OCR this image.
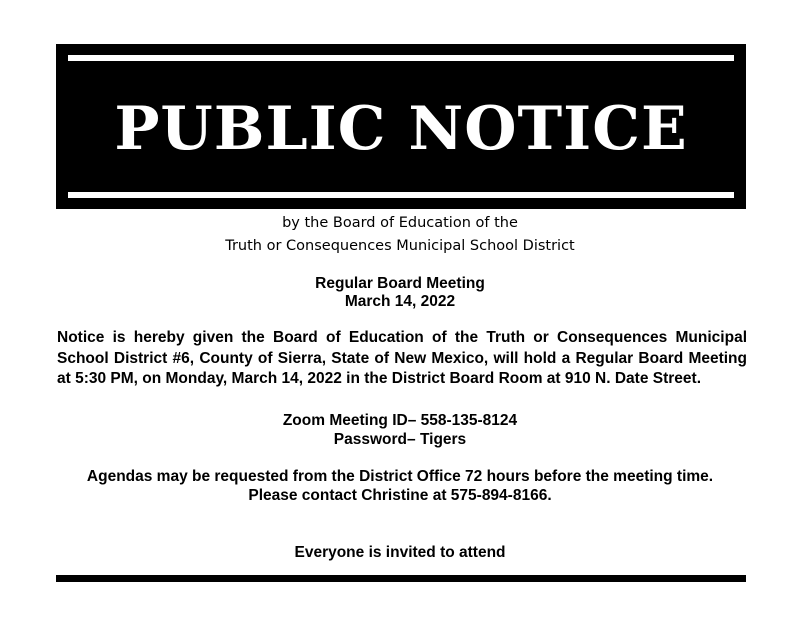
PUBLIC NOTICE
by the Board of Education of the
Truth or Consequences Municipal School District
Regular Board Meeting
March 14, 2022
Notice is hereby given the Board of Education of the Truth or Consequences Municipal School District #6, County of Sierra, State of New Mexico, will hold a Regular Board Meeting at 5:30 PM, on Monday, March 14, 2022 in the District Board Room at 910 N. Date Street.
Zoom Meeting ID– 558-135-8124
Password– Tigers
Agendas may be requested from the District Office 72 hours before the meeting time.
Please contact Christine at 575-894-8166.
Everyone is invited to attend
